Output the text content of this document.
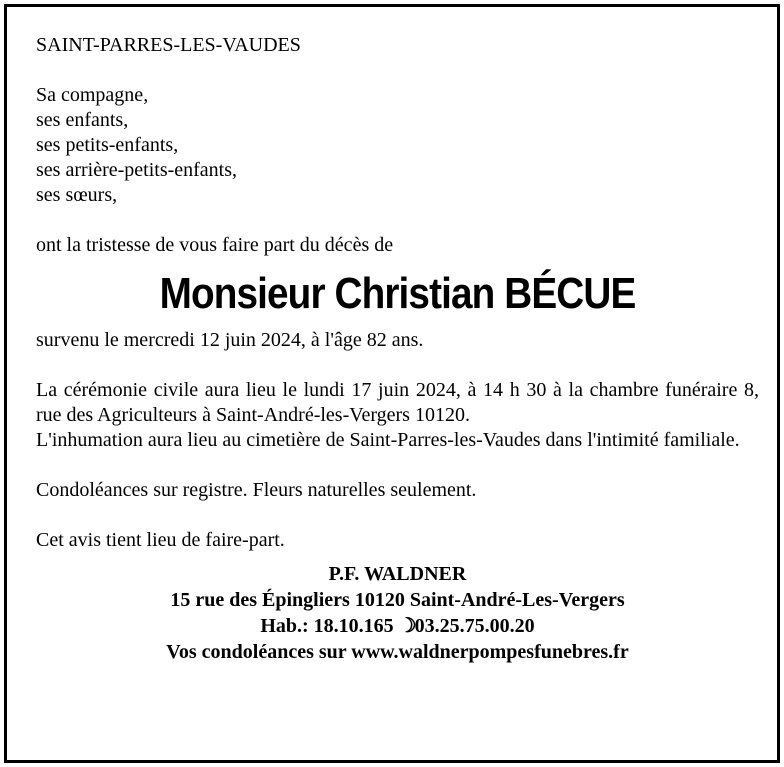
SAINT-PARRES-LES-VAUDES

Sa compagne,
ses enfants,
ses petits-enfants,
ses arrière-petits-enfants,
ses sœurs,

ont la tristesse de vous faire part du décès de

Monsieur Christian BÉCUE

survenu le mercredi 12 juin 2024, à l'âge 82 ans.

La cérémonie civile aura lieu le lundi 17 juin 2024, à 14 h 30 à la chambre funéraire 8, rue des Agriculteurs à Saint-André-les-Vergers 10120.

L'inhumation aura lieu au cimetière de Saint-Parres-les-Vaudes dans l'intimité familiale.

Condoléances sur registre. Fleurs naturelles seulement.

Cet avis tient lieu de faire-part.

P.F. WALDNER
15 rue des Épingliers 10120 Saint-André-Les-Vergers
Hab.: 18.10.165 ☽03.25.75.00.20
Vos condoléances sur www.waldnerpompesfunebres.fr
